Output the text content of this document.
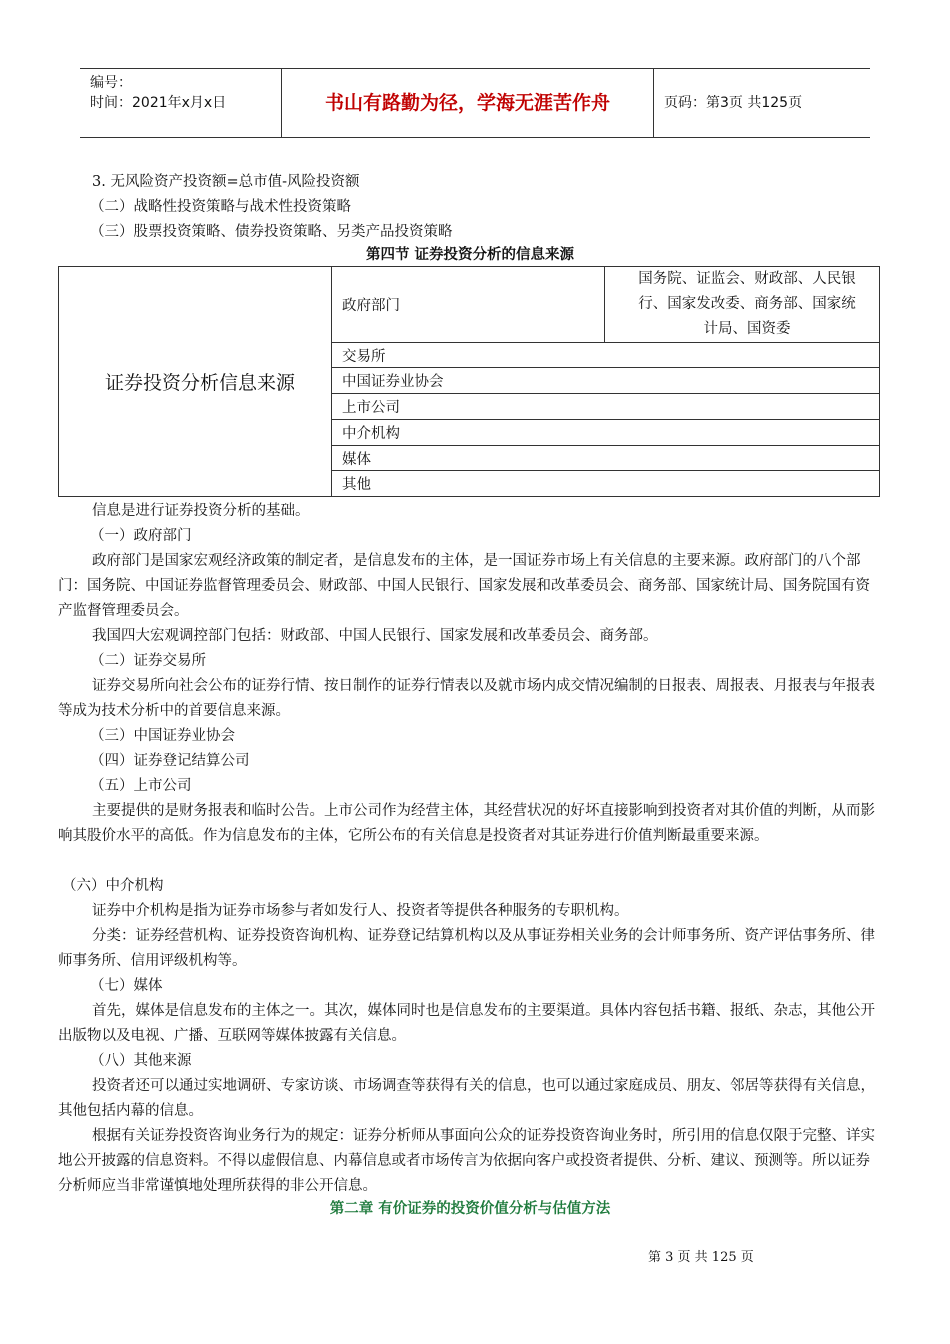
编号：
时间：2021年x月x日	书山有路勤为径，学海无涯苦作舟	页码：第3页 共125页
3. 无风险资产投资额=总市值-风险投资额
（二）战略性投资策略与战术性投资策略
（三）股票投资策略、债券投资策略、另类产品投资策略
第四节 证券投资分析的信息来源
证券投资分析信息来源	政府部门	
国务院、证监会、财政部、人民银
行、国家发改委、商务部、国家统
计局、国资委

交易所
中国证券业协会
上市公司
中介机构
媒体
其他
信息是进行证券投资分析的基础。
（一）政府部门
政府部门是国家宏观经济政策的制定者，是信息发布的主体，是一国证券市场上有关信息的主要来源。政府部门的八个部门：国务院、中国证券监督管理委员会、财政部、中国人民银行、国家发展和改革委员会、商务部、国家统计局、国务院国有资产监督管理委员会。
我国四大宏观调控部门包括：财政部、中国人民银行、国家发展和改革委员会、商务部。
（二）证券交易所
证券交易所向社会公布的证券行情、按日制作的证券行情表以及就市场内成交情况编制的日报表、周报表、月报表与年报表等成为技术分析中的首要信息来源。
（三）中国证券业协会
（四）证券登记结算公司
（五）上市公司
主要提供的是财务报表和临时公告。上市公司作为经营主体，其经营状况的好坏直接影响到投资者对其价值的判断，从而影响其股价水平的高低。作为信息发布的主体，它所公布的有关信息是投资者对其证券进行价值判断最重要来源。
（六）中介机构
证券中介机构是指为证券市场参与者如发行人、投资者等提供各种服务的专职机构。
分类：证券经营机构、证券投资咨询机构、证券登记结算机构以及从事证券相关业务的会计师事务所、资产评估事务所、律师事务所、信用评级机构等。
（七）媒体
首先，媒体是信息发布的主体之一。其次，媒体同时也是信息发布的主要渠道。具体内容包括书籍、报纸、杂志，其他公开出版物以及电视、广播、互联网等媒体披露有关信息。
（八）其他来源
投资者还可以通过实地调研、专家访谈、市场调查等获得有关的信息，也可以通过家庭成员、朋友、邻居等获得有关信息，其他包括内幕的信息。
根据有关证券投资咨询业务行为的规定：证券分析师从事面向公众的证券投资咨询业务时，所引用的信息仅限于完整、详实地公开披露的信息资料。不得以虚假信息、内幕信息或者市场传言为依据向客户或投资者提供、分析、建议、预测等。所以证券分析师应当非常谨慎地处理所获得的非公开信息。
第二章 有价证券的投资价值分析与估值方法
第 3 页 共 125 页
